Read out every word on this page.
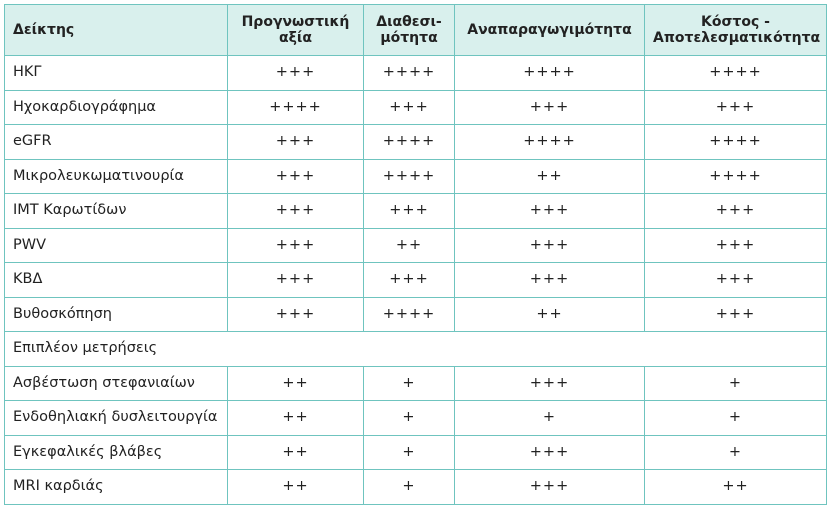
Δείκτης	Προγνωστική αξία	Διαθεσι-μότητα	Αναπαραγωγιμότητα	Κόστος - Αποτελεσματικότητα
ΗΚΓ	+++	++++	++++	++++
Ηχοκαρδιογράφημα	++++	+++	+++	+++
eGFR	+++	++++	++++	++++
Μικρολευκωματινουρία	+++	++++	++	++++
IMT Καρωτίδων	+++	+++	+++	+++
PWV	+++	++	+++	+++
ΚΒΔ	+++	+++	+++	+++
Βυθοσκόπηση	+++	++++	++	+++
Επιπλέον μετρήσεις				
Ασβέστωση στεφανιαίων	++	+	+++	+
Ενδοθηλιακή δυσλειτουργία	++	+	+	+
Εγκεφαλικές βλάβες	++	+	+++	+
MRI καρδιάς	++	+	+++	++
